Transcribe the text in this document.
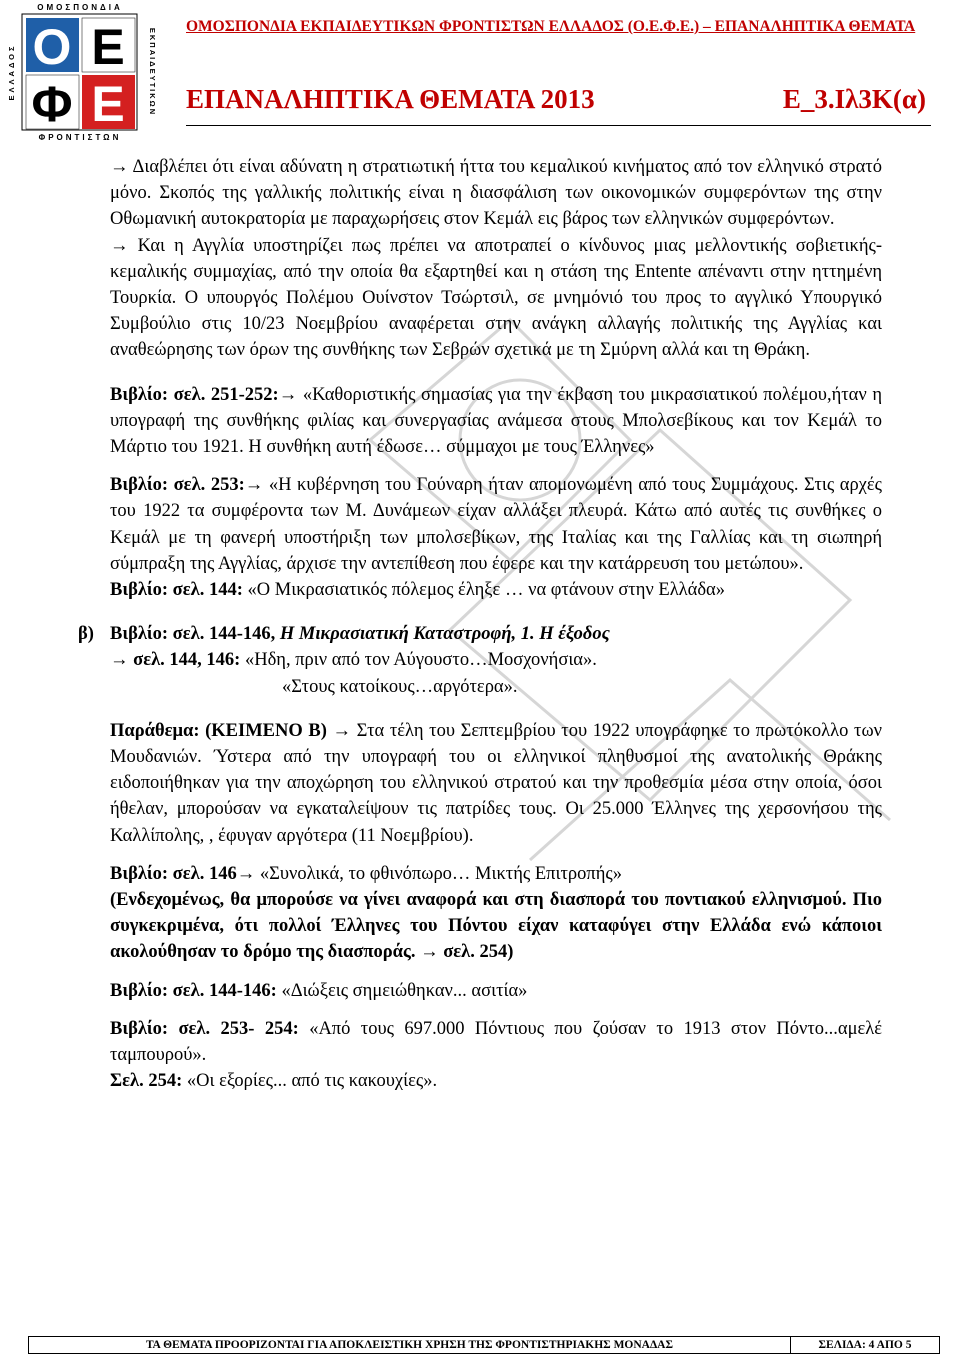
Ο Ε
Φ Ε
ΟΜΟΣΠΟΝΔΙΑ
ΦΡΟΝΤΙΣΤΩΝ
ΕΚΠΑΙΔΕΥΤΙΚΩΝ
ΕΛΛΑΔΟΣ
ΟΜΟΣΠΟΝΔΙΑ ΕΚΠΑΙΔΕΥΤΙΚΩΝ ΦΡΟΝΤΙΣΤΩΝ ΕΛΛΑΔΟΣ (Ο.Ε.Φ.Ε.) – ΕΠΑΝΑΛΗΠΤΙΚΑ ΘΕΜΑΤΑ
ΕΠΑΝΑΛΗΠΤΙΚΑ ΘΕΜΑΤΑ 2013	Ε_3.Ιλ3Κ(α)

→ Διαβλέπει ότι είναι αδύνατη η στρατιωτική ήττα του κεμαλικού κινήματος από τον ελληνικό στρατό μόνο. Σκοπός της γαλλικής πολιτικής είναι η διασφάλιση των οικονομικών συμφερόντων της στην Οθωμανική αυτοκρατορία με παραχωρήσεις στον Κεμάλ εις βάρος των ελληνικών συμφερόντων.

→ Και η Αγγλία υποστηρίζει πως πρέπει να αποτραπεί ο κίνδυνος μιας μελλοντικής σοβιετικής- κεμαλικής συμμαχίας, από την οποία θα εξαρτηθεί και η στάση της Entente απέναντι στην ηττημένη Τουρκία. Ο υπουργός Πολέμου Ουίνστον Τσώρτσιλ, σε μνημόνιό του προς το αγγλικό Υπουργικό Συμβούλιο στις 10/23 Νοεμβρίου αναφέρεται στην ανάγκη αλλαγής πολιτικής της Αγγλίας και αναθεώρησης των όρων της συνθήκης των Σεβρών σχετικά με τη Σμύρνη αλλά και τη Θράκη.

Βιβλίο: σελ. 251-252:→ «Καθοριστικής σημασίας για την έκβαση του μικρασιατικού πολέμου,ήταν η υπογραφή της συνθήκης φιλίας και συνεργασίας ανάμεσα στους Μπολσεβίκους και τον Κεμάλ το Μάρτιο του 1921. Η συνθήκη αυτή έδωσε… σύμμαχοι με τους Έλληνες»

Βιβλίο: σελ. 253:→ «Η κυβέρνηση του Γούναρη ήταν απομονωμένη από τους Συμμάχους. Στις αρχές του 1922 τα συμφέροντα των Μ. Δυνάμεων είχαν αλλάξει πλευρά. Κάτω από αυτές τις συνθήκες ο Κεμάλ με τη φανερή υποστήριξη των μπολσεβίκων, της Ιταλίας και της Γαλλίας και τη σιωπηρή σύμπραξη της Αγγλίας, άρχισε την αντεπίθεση που έφερε και την κατάρρευση του μετώπου».

Βιβλίο: σελ. 144: «Ο Μικρασιατικός πόλεμος έληξε … να φτάνουν στην Ελλάδα»

β) Βιβλίο: σελ. 144-146, Η Μικρασιατική Καταστροφή, 1. Η έξοδος

→ σελ. 144, 146: «Ηδη, πριν από τον Αύγουστο…Μοσχονήσια».

«Στους κατοίκους…αργότερα».

Παράθεμα: (ΚΕΙΜΕΝΟ Β) → Στα τέλη του Σεπτεμβρίου του 1922 υπογράφηκε το πρωτόκολλο των Μουδανιών. Ύστερα από την υπογραφή του οι ελληνικοί πληθυσμοί της ανατολικής Θράκης ειδοποιήθηκαν για την αποχώρηση του ελληνικού στρατού και την προθεσμία μέσα στην οποία, όσοι ήθελαν, μπορούσαν να εγκαταλείψουν τις πατρίδες τους. Οι 25.000 Έλληνες της χερσονήσου της Καλλίπολης, , έφυγαν αργότερα (11 Νοεμβρίου).

Βιβλίο: σελ. 146→ «Συνολικά, το φθινόπωρο… Μικτής Επιτροπής»

(Ενδεχομένως, θα μπορούσε να γίνει αναφορά και στη διασπορά του ποντιακού ελληνισμού. Πιο συγκεκριμένα, ότι πολλοί Έλληνες του Πόντου είχαν καταφύγει στην Ελλάδα ενώ κάποιοι ακολούθησαν το δρόμο της διασποράς. → σελ. 254)

Βιβλίο: σελ. 144-146: «Διώξεις σημειώθηκαν... ασιτία»

Βιβλίο: σελ. 253- 254: «Από τους 697.000 Πόντιους που ζούσαν το 1913 στον Πόντο...αμελέ ταμπουρού».

Σελ. 254: «Οι εξορίες... από τις κακουχίες».

ΤΑ ΘΕΜΑΤΑ ΠΡΟΟΡΙΖΟΝΤΑΙ ΓΙΑ ΑΠΟΚΛΕΙΣΤΙΚΗ ΧΡΗΣΗ ΤΗΣ ΦΡΟΝΤΙΣΤΗΡΙΑΚΗΣ ΜΟΝΑΔΑΣ	ΣΕΛΙΔΑ: 4 ΑΠΟ 5
